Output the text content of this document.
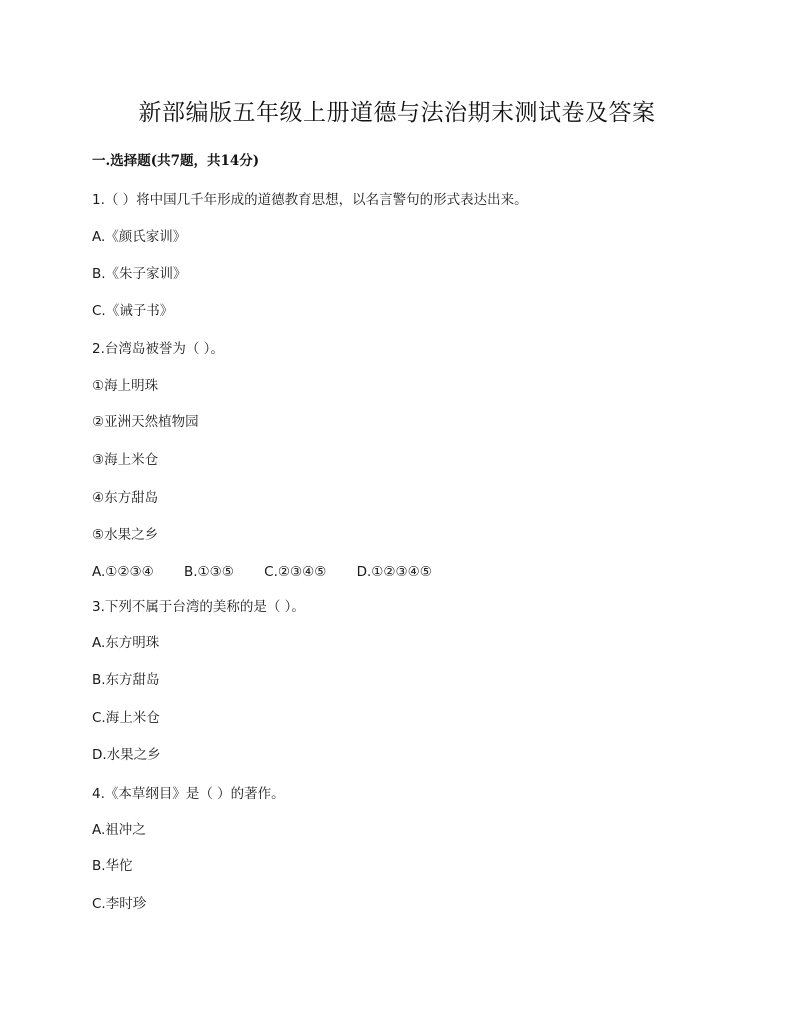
新部编版五年级上册道德与法治期末测试卷及答案
一.选择题(共7题，共14分)
1.（ ）将中国几千年形成的道德教育思想，以名言警句的形式表达出来。
A.《颜氏家训》
B.《朱子家训》
C.《诫子书》
2.台湾岛被誉为（ ）。
①海上明珠
②亚洲天然植物园
③海上米仓
④东方甜岛
⑤水果之乡
A.①②③④ B.①③⑤ C.②③④⑤ D.①②③④⑤
3.下列不属于台湾的美称的是（ ）。
A.东方明珠
B.东方甜岛
C.海上米仓
D.水果之乡
4.《本草纲目》是（ ）的著作。
A.祖冲之
B.华佗
C.李时珍
